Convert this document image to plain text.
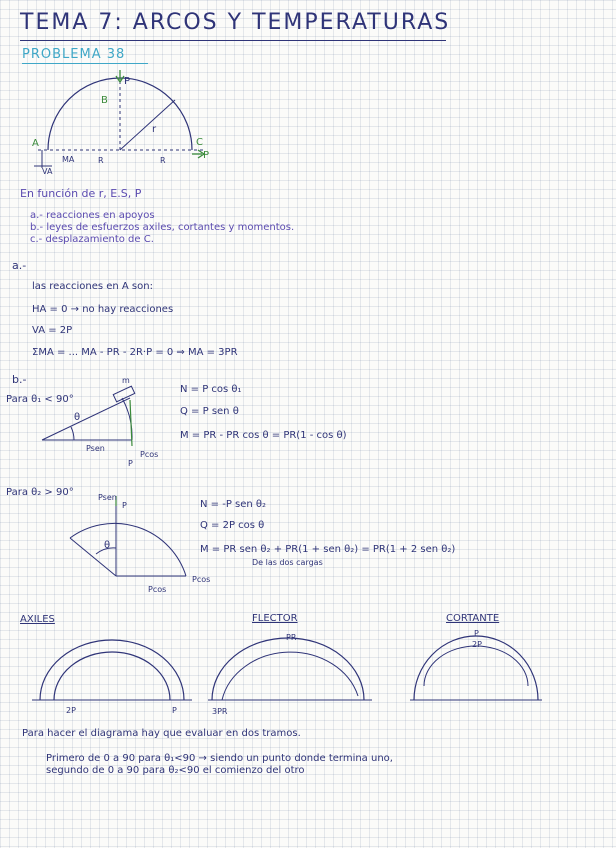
TEMA 7: ARCOS Y TEMPERATURAS
PROBLEMA 38
P
B
r
A	C
P
MA	R	R
VA
En función de r, E.S, P
a.- reacciones en apoyos
b.- leyes de esfuerzos axiles, cortantes y momentos.
c.- desplazamiento de C.
a.-
las reacciones en A son:
HA = 0 → no hay reacciones
VA = 2P
ΣMA = ... MA - PR - 2R·P = 0 ⇒ MA = 3PR
b.-
Para θ₁ < 90°
θ
m
Psen
Pcos
P
N = P cos θ₁
Q = P sen θ
M = PR - PR cos θ = PR(1 - cos θ)
Para θ₂ > 90°
P
θ
Psen
Pcos
Pcos
N = -P sen θ₂
Q = 2P cos θ
M = PR sen θ₂ + PR(1 + sen θ₂) = PR(1 + 2 sen θ₂)
De las dos cargas
AXILES	FLECTOR	CORTANTE
2P	P
PR
3PR
P
2P
Para hacer el diagrama hay que evaluar en dos tramos.
Primero de 0 a 90 para θ₁<90 → siendo un punto donde termina uno,
segundo de 0 a 90 para θ₂<90 el comienzo del otro
